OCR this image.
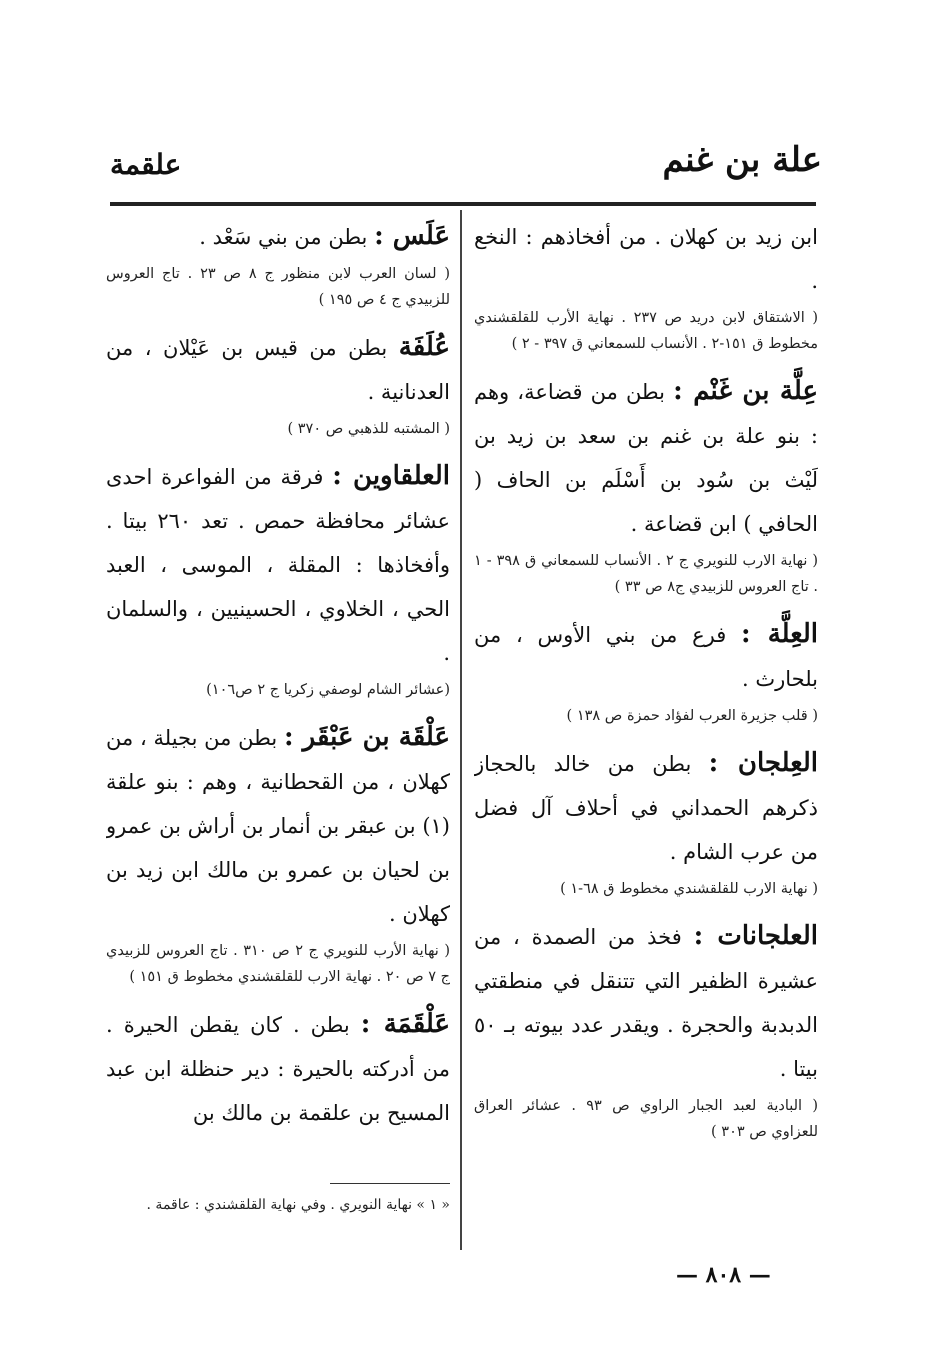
علة بن غنم
علقمة

ابن زيد بن كهلان . من أفخاذهم : النخع .

( الاشتقاق لابن دريد ص ٢٣٧ . نهاية الأرب للقلقشندي مخطوط ق ١٥١-٢ . الأنساب للسمعاني ق ٣٩٧ - ٢ )

عِلَّة بن غَنْم : بطن من قضاعة، وهم : بنو علة بن غنم بن سعد بن زيد بن لَيْث بن سُود بن أَسْلَم بن الحاف ( الحافي ) ابن قضاعة .

( نهاية الارب للنويري ج ٢ . الأنساب للسمعاني ق ٣٩٨ - ١ . تاج العروس للزبيدي ج٨ ص ٣٣ )

العِلَّة : فرع من بني الأوس ، من بلحارث .

( قلب جزيرة العرب لفؤاد حمزة ص ١٣٨ )

العِلجان : بطن من خالد بالحجاز ذكرهم الحمداني في أحلاف آل فضل من عرب الشام .

( نهاية الارب للقلقشندي مخطوط ق ٦٨-١ )

العلجانات : فخذ من الصمدة ، من عشيرة الظفير التي تتنقل في منطقتي الدبدبة والحجرة . ويقدر عدد بيوته بـ ٥٠ بيتا .

( البادية لعبد الجبار الراوي ص ٩٣ . عشائر العراق للعزاوي ص ٣٠٣ )

عَلَس : بطن من بني سَعْد .

( لسان العرب لابن منظور ج ٨ ص ٢٣ . تاج العروس للزبيدي ج ٤ ص ١٩٥ )

عُلَفَة بطن من قيس بن عَيْلان ، من العدنانية .

( المشتبه للذهبي ص ٣٧٠ )

العلقاوين : فرقة من الفواعرة احدى عشائر محافظة حمص . تعد ٢٦٠ بيتا . وأفخاذها : المقلة ، الموسى ، العبد الحي ، الخلاوي ، الحسينيين ، والسلمان .

(عشائر الشام لوصفي زكريا ج ٢ ص١٠٦)

عَلْقَة بن عَبْقَر : بطن من بجيلة ، من كهلان ، من القحطانية ، وهم : بنو علقة (١) بن عبقر بن أنمار بن أراش بن عمرو بن لحيان بن عمرو بن مالك ابن زيد بن كهلان .

( نهاية الأرب للنويري ج ٢ ص ٣١٠ . تاج العروس للزبيدي ج ٧ ص ٢٠ . نهاية الارب للقلقشندي مخطوط ق ١٥١ )

عَلْقَمَة : بطن . كان يقطن الحيرة . من أدركته بالحيرة : دير حنظلة ابن عبد المسيح بن علقمة بن مالك بن

« ١ » نهاية النويري . وفي نهاية القلقشندي : عاقمة .
— ٨٠٨ —
